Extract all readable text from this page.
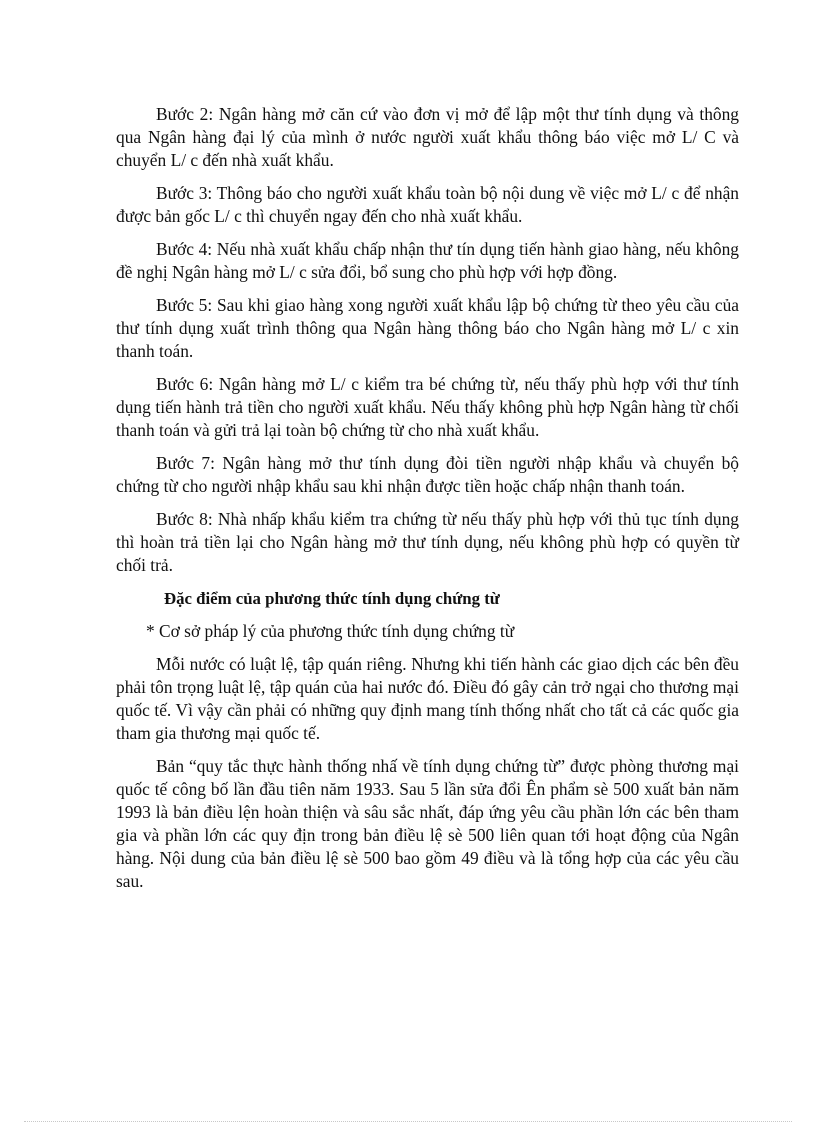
Bước 2: Ngân hàng mở căn cứ vào đơn vị mở để lập một thư tính dụng và thông qua Ngân hàng đại lý của mình ở nước người xuất khẩu thông báo việc mở L/ C và chuyển L/ c đến nhà xuất khẩu.

Bước 3: Thông báo cho người xuất khẩu toàn bộ nội dung về việc mở L/ c để nhận được bản gốc L/ c thì chuyển ngay đến cho nhà xuất khẩu.

Bước 4: Nếu nhà xuất khẩu chấp nhận thư tín dụng tiến hành giao hàng, nếu không đề nghị Ngân hàng mở L/ c sửa đổi, bổ sung cho phù hợp với hợp đồng.

Bước 5: Sau khi giao hàng xong người xuất khẩu lập bộ chứng từ theo yêu cầu của thư tính dụng xuất trình thông qua Ngân hàng thông báo cho Ngân hàng mở L/ c xin thanh toán.

Bước 6: Ngân hàng mở L/ c kiểm tra bé chứng từ, nếu thấy phù hợp với thư tính dụng tiến hành trả tiền cho người xuất khẩu. Nếu thấy không phù hợp Ngân hàng từ chối thanh toán và gửi trả lại toàn bộ chứng từ cho nhà xuất khẩu.

Bước 7: Ngân hàng mở thư tính dụng đòi tiền người nhập khẩu và chuyển bộ chứng từ cho người nhập khẩu sau khi nhận được tiền hoặc chấp nhận thanh toán.

Bước 8: Nhà nhấp khẩu kiểm tra chứng từ nếu thấy phù hợp với thủ tục tính dụng thì hoàn trả tiền lại cho Ngân hàng mở thư tính dụng, nếu không phù hợp có quyền từ chối trả.

Đặc điểm của phương thức tính dụng chứng từ

* Cơ sở pháp lý của phương thức tính dụng chứng từ

Mỗi nước có luật lệ, tập quán riêng. Nhưng khi tiến hành các giao dịch các bên đều phải tôn trọng luật lệ, tập quán của hai nước đó. Điều đó gây cản trở ngại cho thương mại quốc tế. Vì vậy cần phải có những quy định mang tính thống nhất cho tất cả các quốc gia tham gia thương mại quốc tế.

Bản “quy tắc thực hành thống nhấ về tính dụng chứng từ” được phòng thương mại quốc tế công bố lần đầu tiên năm 1933. Sau 5 lần sửa đổi Ên phẩm sè 500 xuất bản năm 1993 là bản điều lện hoàn thiện và sâu sắc nhất, đáp ứng yêu cầu phần lớn các bên tham gia và phần lớn các quy địn trong bản điều lệ sè 500 liên quan tới hoạt động của Ngân hàng. Nội dung của bản điều lệ sè 500 bao gồm 49 điều và là tổng hợp của các yêu cầu sau.
